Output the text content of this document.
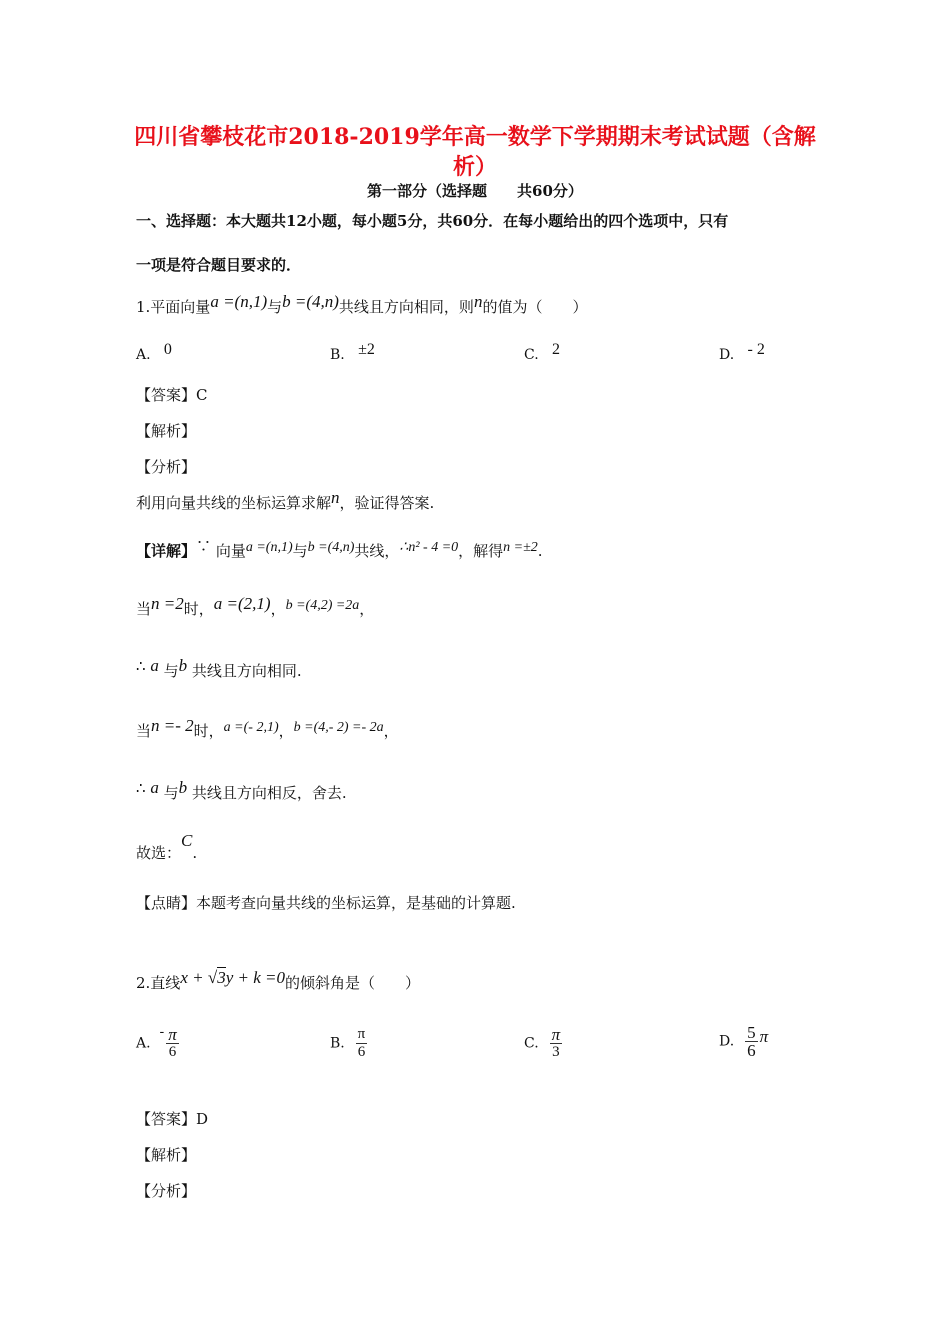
四川省攀枝花市2018-2019学年高一数学下学期期末考试试题（含解
析）
第一部分（选择题　　共60分）
一、选择题：本大题共12小题，每小题5分，共60分．在每小题给出的四个选项中，只有
一项是符合题目要求的．
1.平面向量a =(n,1)与b =(4,n)共线且方向相同，则n的值为（　　）
A. 0	B. ±2	C. 2	D. - 2
【答案】C
【解析】
【分析】
利用向量共线的坐标运算求解n，验证得答案.
【详解】∵ 向量a =(n,1)与b =(4,n)共线，∴n² - 4 =0，解得n =±2.
当n =2时，a =(2,1)，b =(4,2) =2a，
∴ a 与b 共线且方向相同.
当n =- 2时，a =(- 2,1)，b =(4,- 2) =- 2a，
∴ a 与b 共线且方向相反，舍去.
故选：C.
【点睛】本题考查向量共线的坐标运算，是基础的计算题.
2.直线x + √3y + k =0的倾斜角是（　　）
A.  - $\frac{\pi}{6}$	B. $\frac{\pi}{6}$	C. $\frac{\pi}{3}$	D. $\frac{5}{6}$ π
【答案】D
【解析】
【分析】
